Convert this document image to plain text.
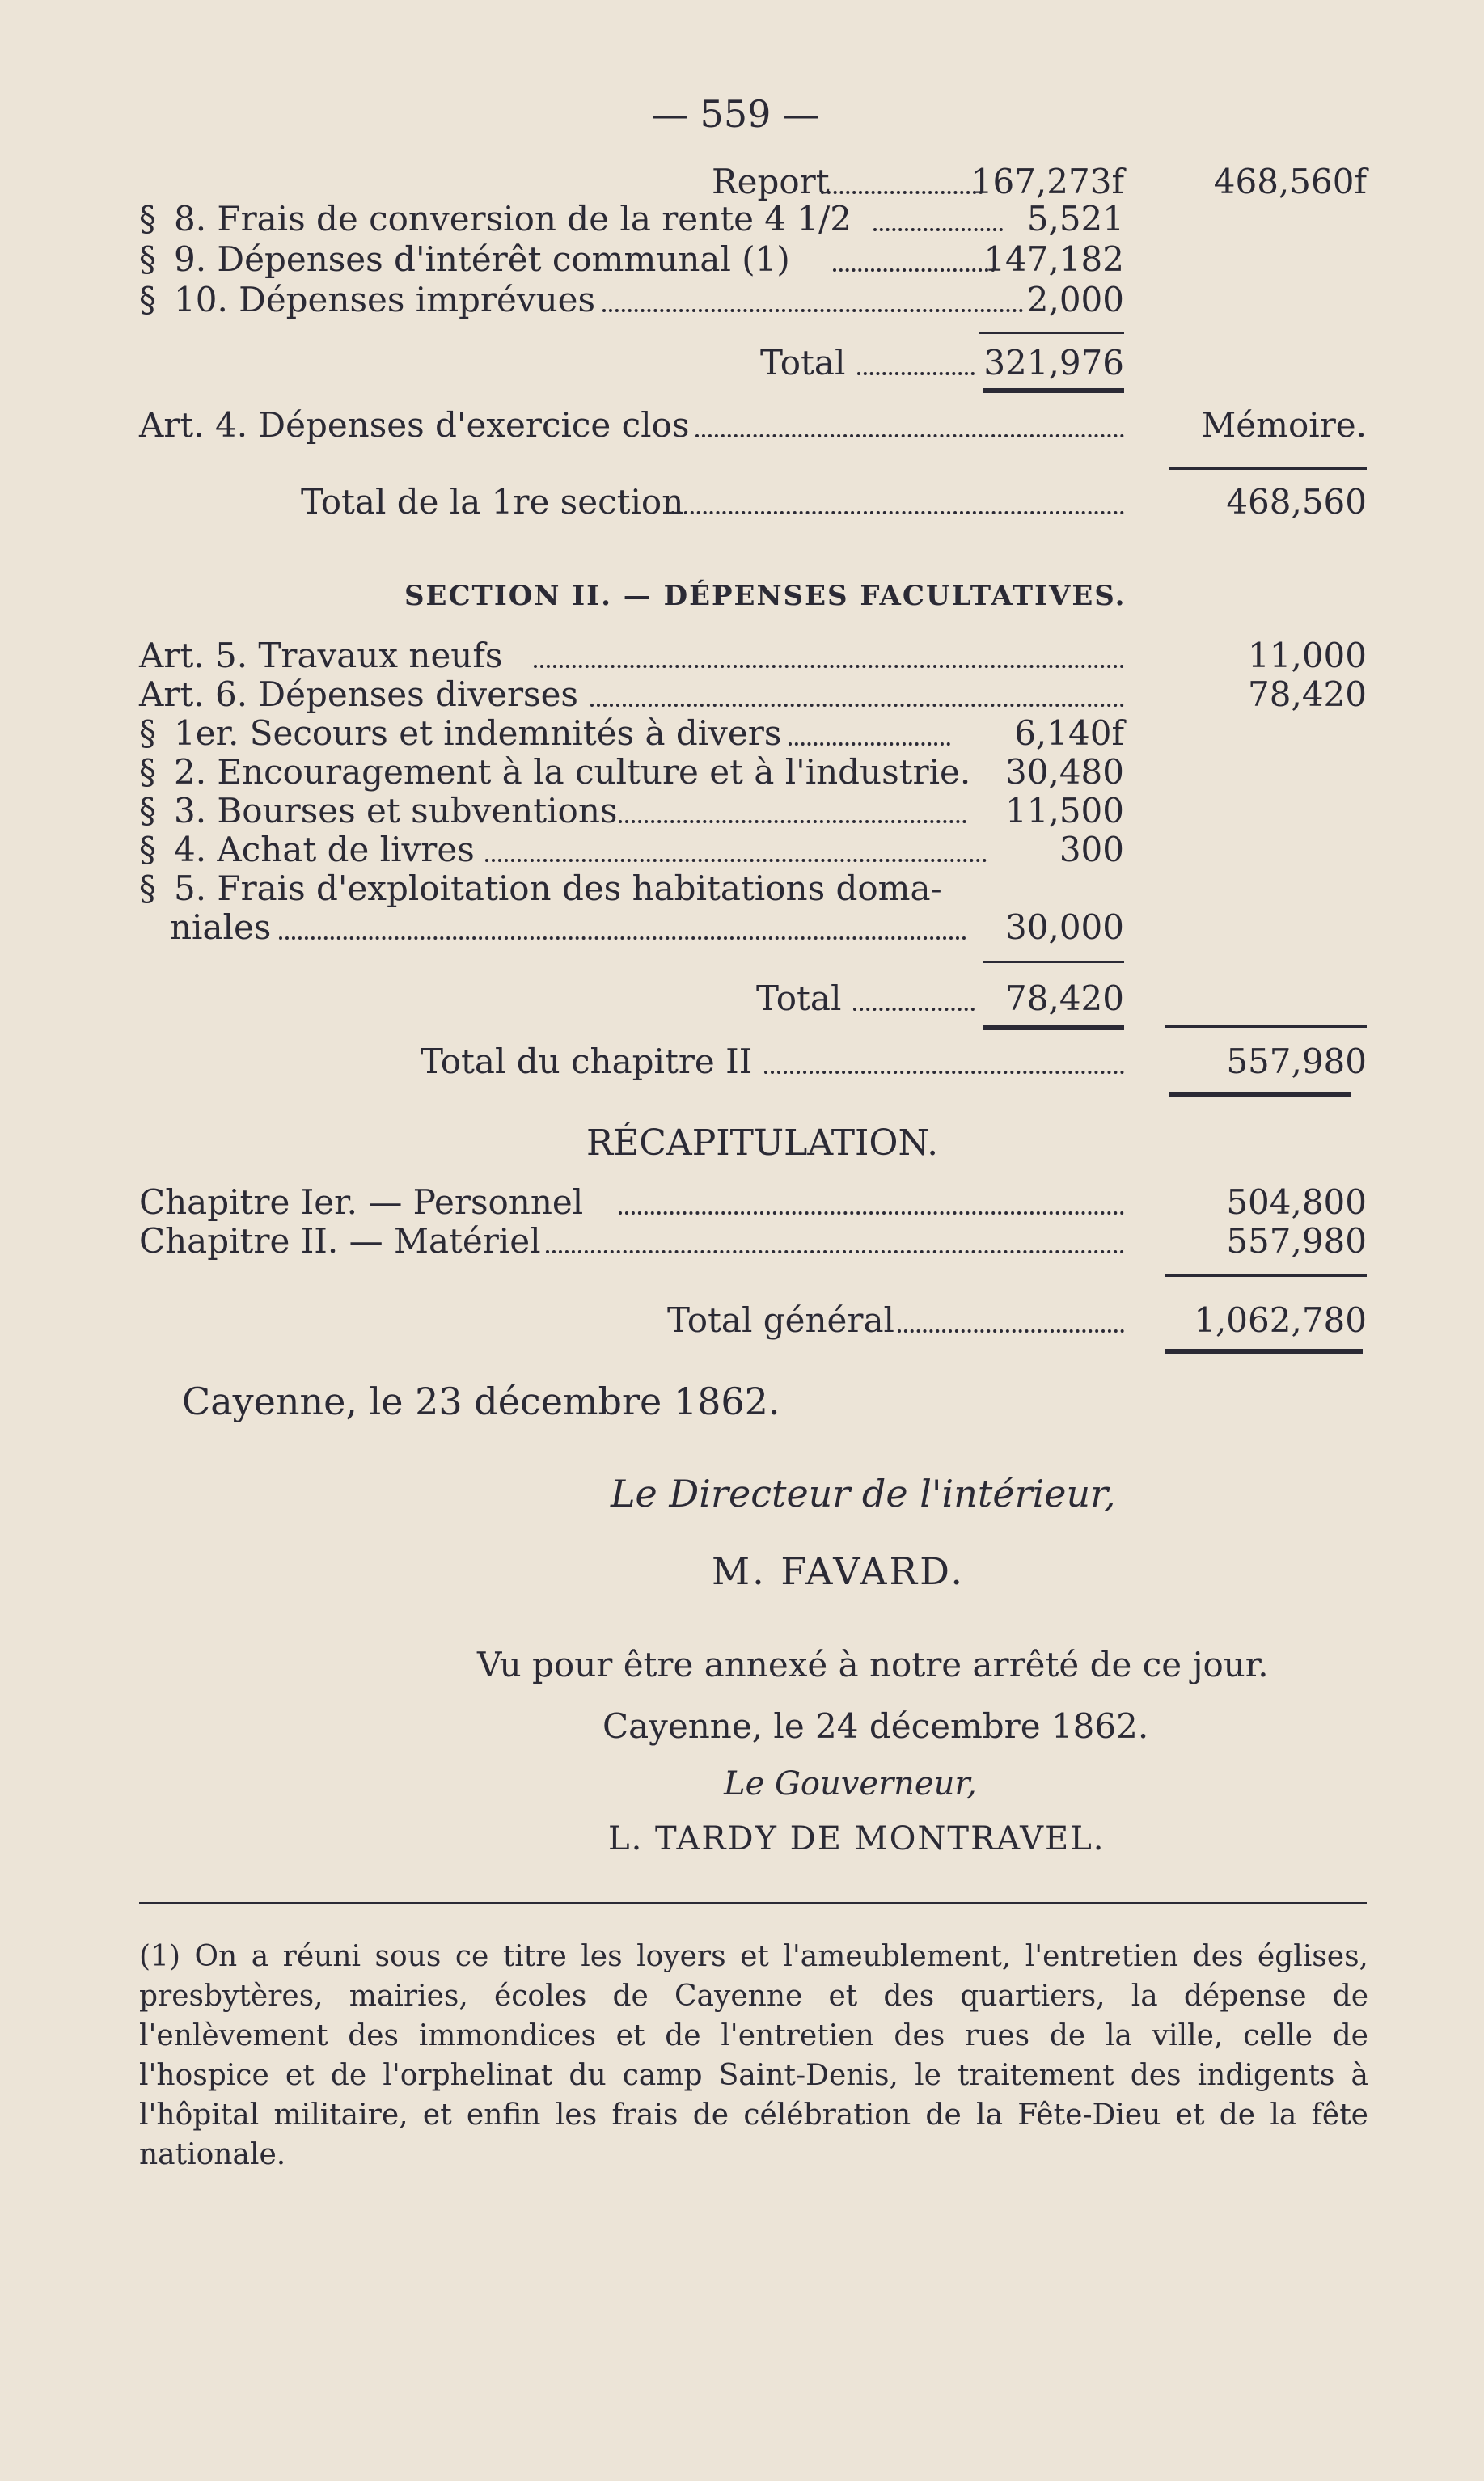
— 559 —
Report	167,273f	468,560f
§ 8. Frais de conversion de la rente 4 1/2	5,521
§ 9. Dépenses d'intérêt communal (1)	147,182
§ 10. Dépenses imprévues	2,000
Total	321,976
Art. 4. Dépenses d'exercice clos	Mémoire.
Total de la 1re section	468,560
SECTION II. — DÉPENSES FACULTATIVES.
Art. 5. Travaux neufs	11,000
Art. 6. Dépenses diverses	78,420
§ 1er. Secours et indemnités à divers	6,140f
§ 2. Encouragement à la culture et à l'industrie.	30,480
§ 3. Bourses et subventions	11,500
§ 4. Achat de livres	300
§ 5. Frais d'exploitation des habitations doma-
niales	30,000
Total	78,420
Total du chapitre II	557,980
RÉCAPITULATION.
Chapitre Ier. — Personnel	504,800
Chapitre II. — Matériel	557,980
Total général	1,062,780
Cayenne, le 23 décembre 1862.
Le Directeur de l'intérieur,
M. FAVARD.
Vu pour être annexé à notre arrêté de ce jour.
Cayenne, le 24 décembre 1862.
Le Gouverneur,
L. TARDY DE MONTRAVEL.
(1) On a réuni sous ce titre les loyers et l'ameublement, l'entretien des églises, presbytères, mairies, écoles de Cayenne et des quartiers, la dépense de l'enlèvement des immondices et de l'entretien des rues de la ville, celle de l'hospice et de l'orphelinat du camp Saint-Denis, le traitement des indigents à l'hôpital militaire, et enfin les frais de célébration de la Fête-Dieu et de la fête nationale.
